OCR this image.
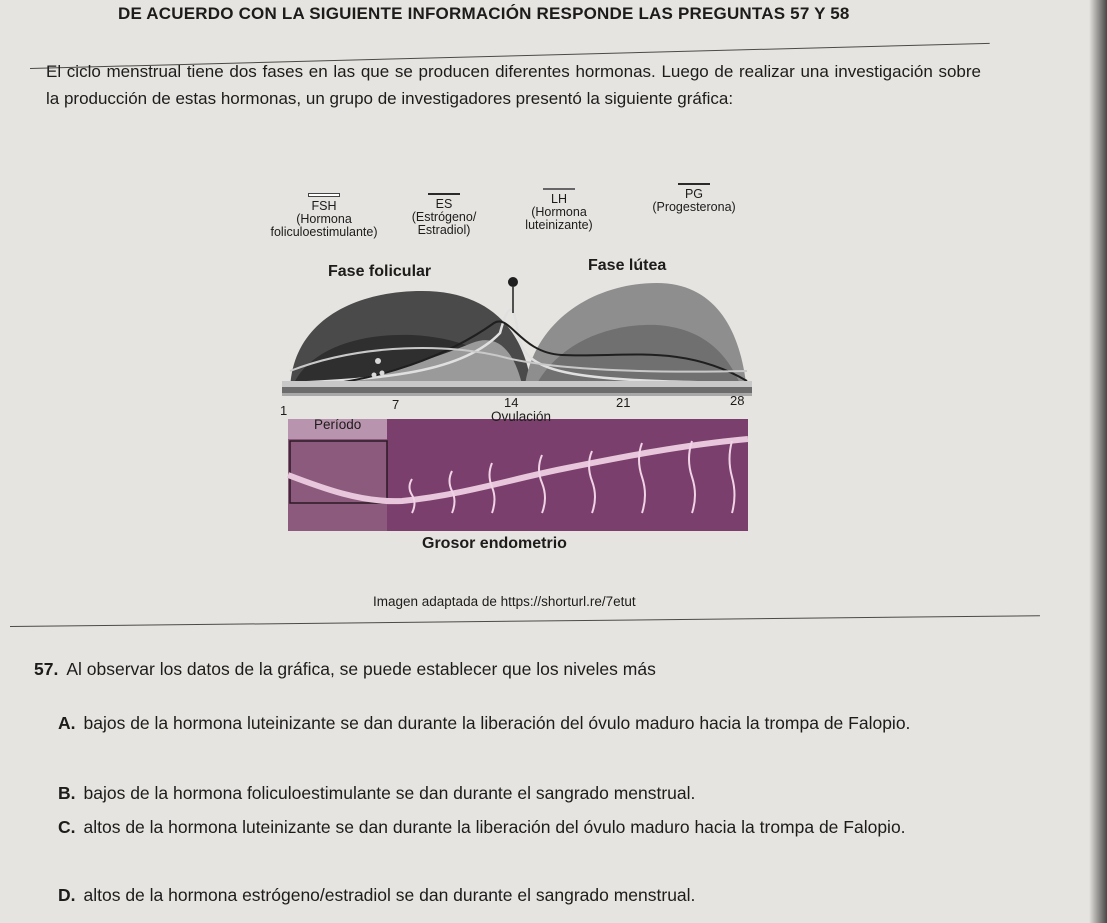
DE ACUERDO CON LA SIGUIENTE INFORMACIÓN RESPONDE LAS PREGUNTAS 57 Y 58
El ciclo menstrual tiene dos fases en las que se producen diferentes hormonas. Luego de realizar una investigación sobre la producción de estas hormonas, un grupo de investigadores presentó la siguiente gráfica:
FSH
(Hormona
foliculoestimulante)
ES
(Estrógeno/
Estradiol)
LH
(Hormona
luteinizante)
PG
(Progesterona)
Fase folicular	Fase lútea
1	7	14	21	28
Período
Ovulación
Grosor endometrio
Imagen adaptada de https://shorturl.re/7etut
57. Al observar los datos de la gráfica, se puede establecer que los niveles más
A. bajos de la hormona luteinizante se dan durante la liberación del óvulo maduro hacia la trompa de Falopio.
B. bajos de la hormona foliculoestimulante se dan durante el sangrado menstrual.
C. altos de la hormona luteinizante se dan durante la liberación del óvulo maduro hacia la trompa de Falopio.
D. altos de la hormona estrógeno/estradiol se dan durante el sangrado menstrual.
